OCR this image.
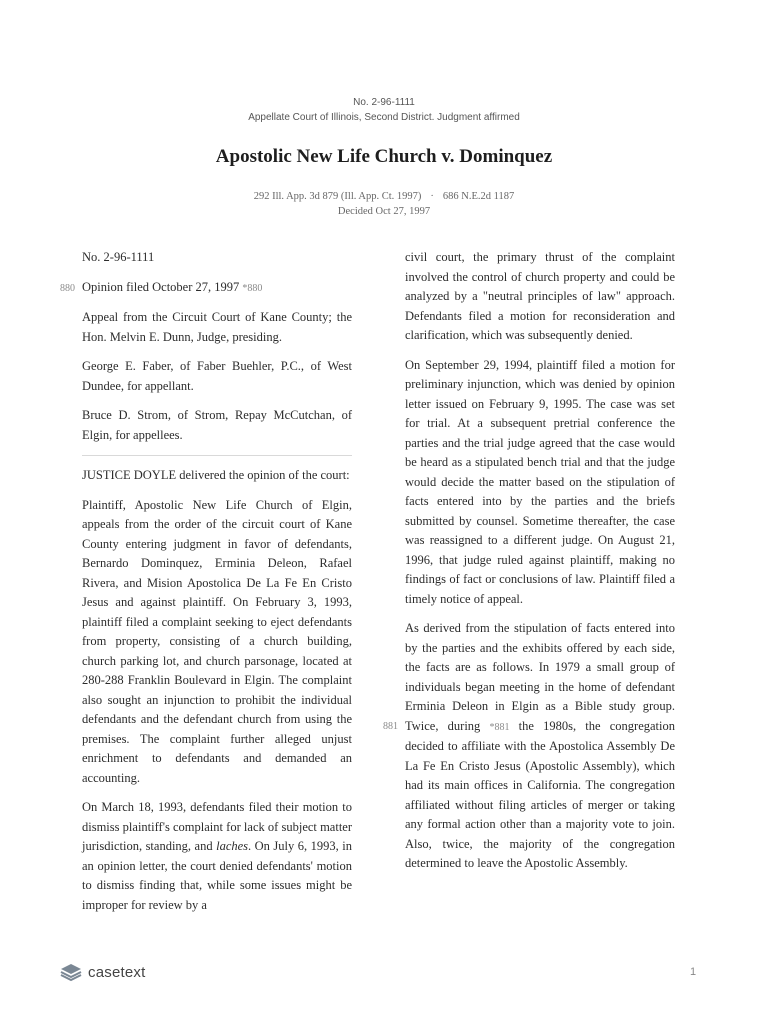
No. 2-96-1111
Appellate Court of Illinois, Second District. Judgment affirmed
Apostolic New Life Church v. Dominquez
292 Ill. App. 3d 879 (Ill. App. Ct. 1997) · 686 N.E.2d 1187
Decided Oct 27, 1997

No. 2-96-1111

880 Opinion filed October 27, 1997 *880

Appeal from the Circuit Court of Kane County; the Hon. Melvin E. Dunn, Judge, presiding.

George E. Faber, of Faber Buehler, P.C., of West Dundee, for appellant.

Bruce D. Strom, of Strom, Repay McCutchan, of Elgin, for appellees.

JUSTICE DOYLE delivered the opinion of the court:

Plaintiff, Apostolic New Life Church of Elgin, appeals from the order of the circuit court of Kane County entering judgment in favor of defendants, Bernardo Dominquez, Erminia Deleon, Rafael Rivera, and Mision Apostolica De La Fe En Cristo Jesus and against plaintiff. On February 3, 1993, plaintiff filed a complaint seeking to eject defendants from property, consisting of a church building, church parking lot, and church parsonage, located at 280-288 Franklin Boulevard in Elgin. The complaint also sought an injunction to prohibit the individual defendants and the defendant church from using the premises. The complaint further alleged unjust enrichment to defendants and demanded an accounting.

On March 18, 1993, defendants filed their motion to dismiss plaintiff's complaint for lack of subject matter jurisdiction, standing, and laches. On July 6, 1993, in an opinion letter, the court denied defendants' motion to dismiss finding that, while some issues might be improper for review by a

civil court, the primary thrust of the complaint involved the control of church property and could be analyzed by a "neutral principles of law" approach. Defendants filed a motion for reconsideration and clarification, which was subsequently denied.

On September 29, 1994, plaintiff filed a motion for preliminary injunction, which was denied by opinion letter issued on February 9, 1995. The case was set for trial. At a subsequent pretrial conference the parties and the trial judge agreed that the case would be heard as a stipulated bench trial and that the judge would decide the matter based on the stipulation of facts entered into by the parties and the briefs submitted by counsel. Sometime thereafter, the case was reassigned to a different judge. On August 21, 1996, that judge ruled against plaintiff, making no findings of fact or conclusions of law. Plaintiff filed a timely notice of appeal.

881
As derived from the stipulation of facts entered into by the parties and the exhibits offered by each side, the facts are as follows. In 1979 a small group of individuals began meeting in the home of defendant Erminia Deleon in Elgin as a Bible study group. Twice, during *881 the 1980s, the congregation decided to affiliate with the Apostolica Assembly De La Fe En Cristo Jesus (Apostolic Assembly), which had its main offices in California. The congregation affiliated without filing articles of merger or taking any formal action other than a majority vote to join. Also, twice, the majority of the congregation determined to leave the Apostolic Assembly.

casetext	1
